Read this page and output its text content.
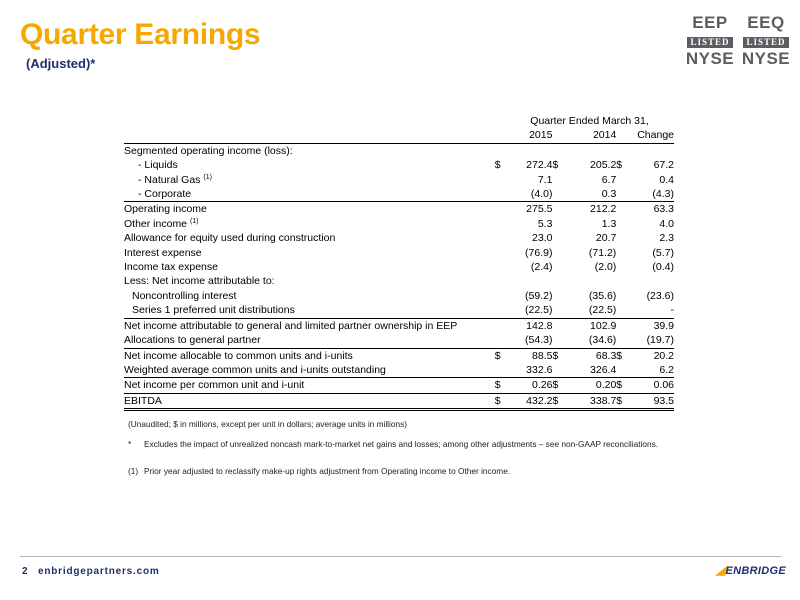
Quarter Earnings
(Adjusted)*
EEP
LISTED
NYSE
EEQ
LISTED
NYSE
		Quarter Ended March 31,				
		2015		2014		Change
Segmented operating income (loss):						
- Liquids	$	272.4	$	205.2	$	67.2
- Natural Gas $^{(1)}$		7.1		6.7		0.4
- Corporate		(4.0)		0.3		(4.3)
Operating income		275.5		212.2		63.3
Other income $^{(1)}$		5.3		1.3		4.0
Allowance for equity used during construction		23.0		20.7		2.3
Interest expense		(76.9)		(71.2)		(5.7)
Income tax expense		(2.4)		(2.0)		(0.4)
Less: Net income attributable to:						
Noncontrolling interest		(59.2)		(35.6)		(23.6)
Series 1 preferred unit distributions		(22.5)		(22.5)		-
Net income attributable to general and limited partner ownership in EEP		142.8		102.9		39.9
Allocations to general partner		(54.3)		(34.6)		(19.7)
Net income allocable to common units and i-units	$	88.5	$	68.3	$	20.2
Weighted average common units and i-units outstanding		332.6		326.4		6.2
Net income per common unit and i-unit	$	0.26	$	0.20	$	0.06
EBITDA	$	432.2	$	338.7	$	93.5
(Unaudited; $ in millions, except per unit in dollars; average units in millions)
* Excludes the impact of unrealized noncash mark-to-market net gains and losses; among other adjustments – see non-GAAP reconciliations.
(1) Prior year adjusted to reclassify make-up rights adjustment from Operating income to Other income.
2 enbridgepartners.com	◢ENBRIDGE
